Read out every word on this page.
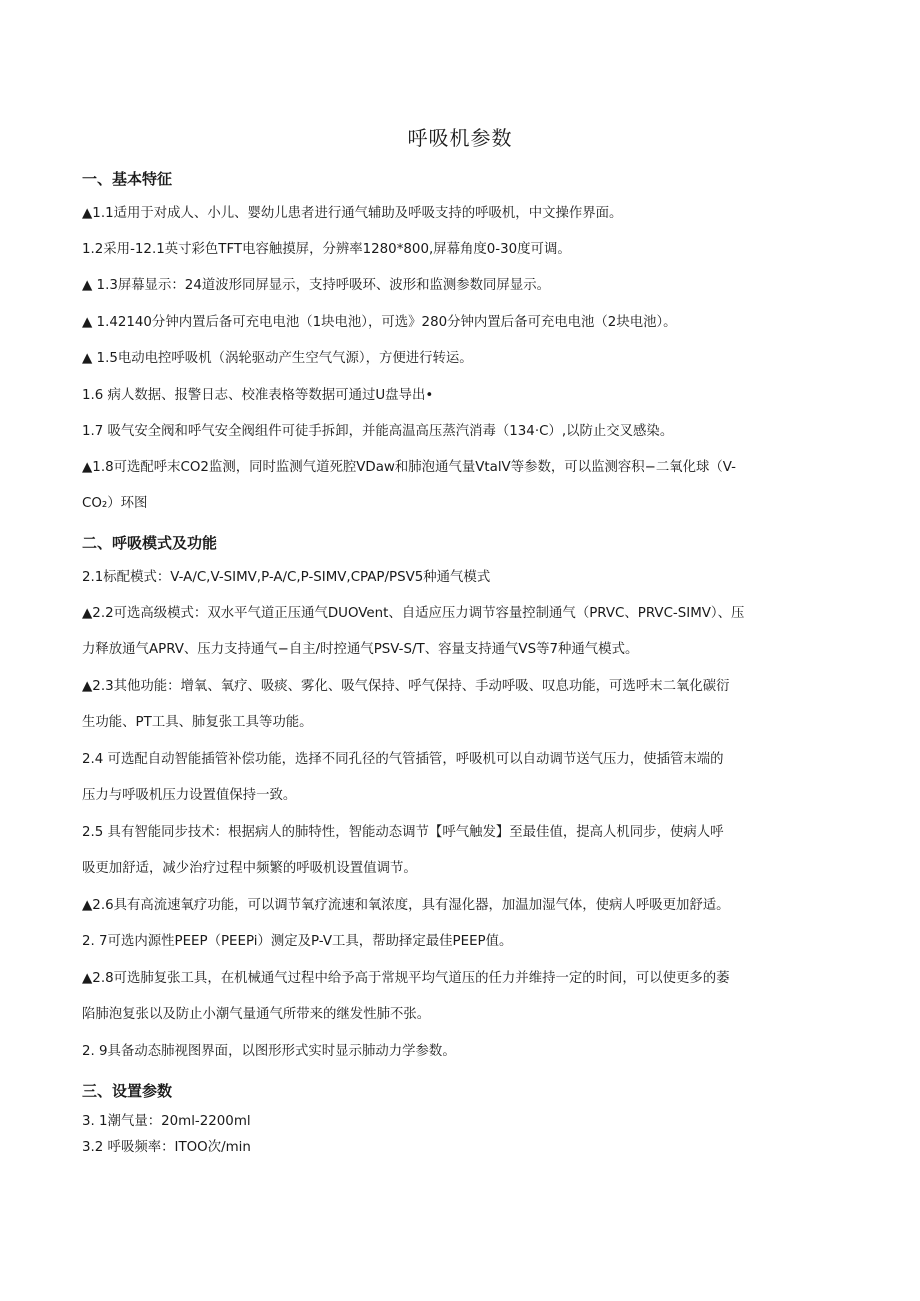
呼吸机参数
一、基本特征
▲1.1适用于对成人、小儿、婴幼儿患者进行通气辅助及呼吸支持的呼吸机，中文操作界面。
1.2采用-12.1英寸彩色TFT电容触摸屏，分辨率1280*800,屏幕角度0-30度可调。
▲ 1.3屏幕显示：24道波形同屏显示，支持呼吸环、波形和监测参数同屏显示。
▲ 1.42140分钟内置后备可充电电池（1块电池），可选》280分钟内置后备可充电电池（2块电池）。
▲ 1.5电动电控呼吸机（涡轮驱动产生空气气源），方便进行转运。
1.6 病人数据、报警日志、校准表格等数据可通过U盘导出•
1.7 吸气安全阀和呼气安全阀组件可徒手拆卸，并能高温高压蒸汽消毒（134·C）,以防止交叉感染。
▲1.8可选配呼末CO2监测，同时监测气道死腔VDaw和肺泡通气量VtalV等参数，可以监测容积−二氧化球（V-
CO₂）环图
二、呼吸模式及功能
2.1标配模式：V-A∕C,V-SIMV,P-A∕C,P-SIMV,CPAP/PSV5种通气模式
▲2.2可选高级模式：双水平气道正压通气DUOVent、自适应压力调节容量控制通气（PRVC、PRVC-SIMV）、压
力释放通气APRV、压力支持通气−自主/时控通气PSV-S/T、容量支持通气VS等7种通气模式。
▲2.3其他功能：增氧、氧疗、吸痰、雾化、吸气保持、呼气保持、手动呼吸、叹息功能，可选呼末二氧化碳衍
生功能、PT工具、肺复张工具等功能。
2.4 可选配自动智能插管补偿功能，选择不同孔径的气管插管，呼吸机可以自动调节送气压力，使插管末端的
压力与呼吸机压力设置值保持一致。
2.5 具有智能同步技术：根据病人的肺特性，智能动态调节【呼气触发】至最佳值，提高人机同步，使病人呼
吸更加舒适，减少治疗过程中频繁的呼吸机设置值调节。
▲2.6具有高流速氧疗功能，可以调节氧疗流速和氧浓度，具有湿化器，加温加湿气体，使病人呼吸更加舒适。
2. 7可选内源性PEEP（PEEPi）测定及P-V工具，帮助择定最佳PEEP值。
▲2.8可选肺复张工具，在机械通气过程中给予高于常规平均气道压的任力并维持一定的时间，可以使更多的萎
陷肺泡复张以及防止小潮气量通气所带来的继发性肺不张。
2. 9具备动态肺视图界面，以图形形式实时显示肺动力学参数。
三、设置参数
3. 1潮气量：20ml-2200ml
3.2 呼吸频率：ITOO次/min
